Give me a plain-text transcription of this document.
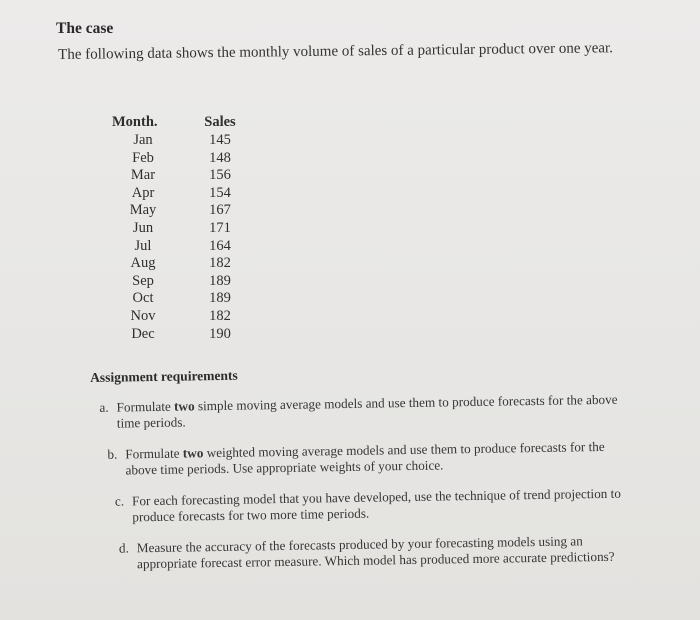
The case

The following data shows the monthly volume of sales of a particular product over one year.

Month.	Sales
Jan	145
Feb	148
Mar	156
Apr	154
May	167
Jun	171
Jul	164
Aug	182
Sep	189
Oct	189
Nov	182
Dec	190

Assignment requirements

a. Formulate two simple moving average models and use them to produce forecasts for the above time periods.
b. Formulate two weighted moving average models and use them to produce forecasts for the above time periods. Use appropriate weights of your choice.
c. For each forecasting model that you have developed, use the technique of trend projection to produce forecasts for two more time periods.
d. Measure the accuracy of the forecasts produced by your forecasting models using an appropriate forecast error measure. Which model has produced more accurate predictions?
